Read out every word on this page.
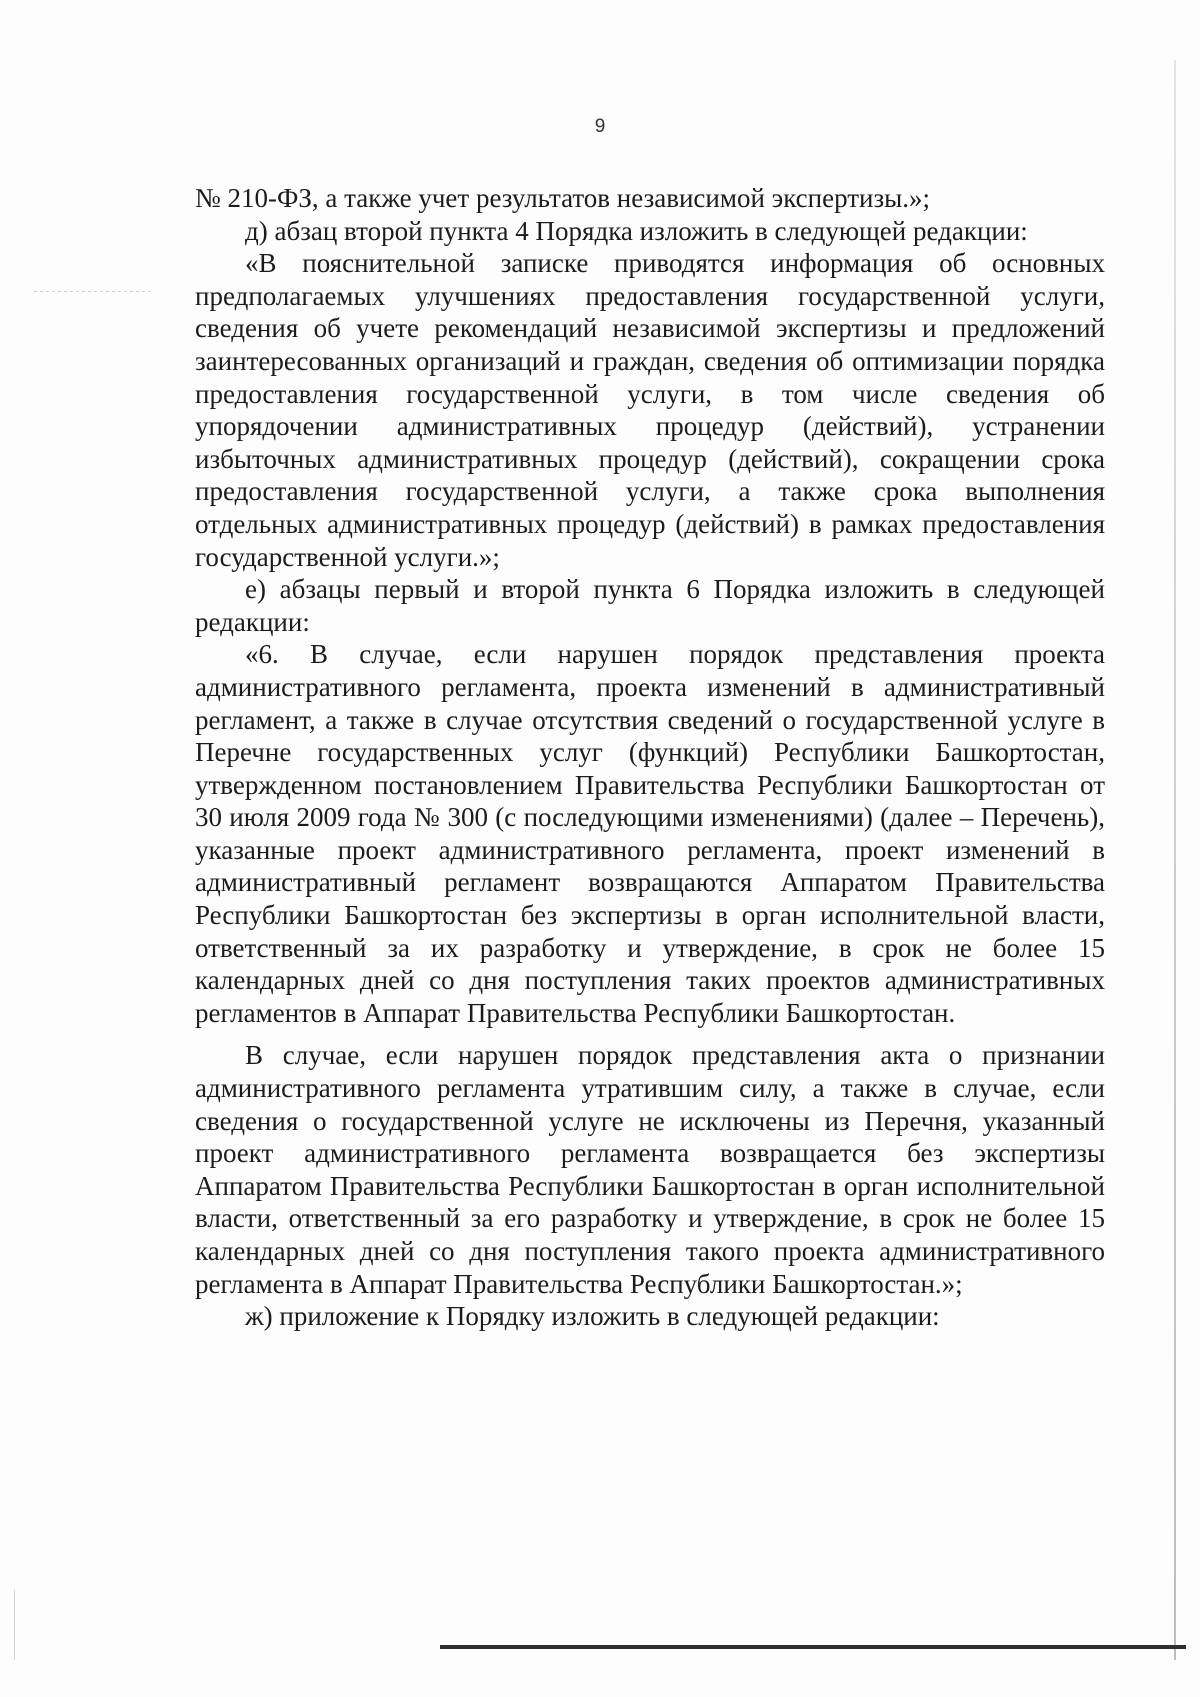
9

№ 210-ФЗ, а также учет результатов независимой экспертизы.»;

д) абзац второй пункта 4 Порядка изложить в следующей редакции:

«В пояснительной записке приводятся информация об основных предполагаемых улучшениях предоставления государственной услуги, сведения об учете рекомендаций независимой экспертизы и предложений заинтересованных организаций и граждан, сведения об оптимизации порядка предоставления государственной услуги, в том числе сведения об упорядочении административных процедур (действий), устранении избыточных административных процедур (действий), сокращении срока предоставления государственной услуги, а также срока выполнения отдельных административных процедур (действий) в рамках предоставления государственной услуги.»;

е) абзацы первый и второй пункта 6 Порядка изложить в следующей редакции:

«6. В случае, если нарушен порядок представления проекта административного регламента, проекта изменений в административный регламент, а также в случае отсутствия сведений о государственной услуге в Перечне государственных услуг (функций) Республики Башкортостан, утвержденном постановлением Правительства Республики Башкортостан от 30 июля 2009 года № 300 (с последующими изменениями) (далее – Перечень), указанные проект административного регламента, проект изменений в административный регламент возвращаются Аппаратом Правительства Республики Башкортостан без экспертизы в орган исполнительной власти, ответственный за их разработку и утверждение, в срок не более 15 календарных дней со дня поступления таких проектов административных регламентов в Аппарат Правительства Республики Башкортостан.

В случае, если нарушен порядок представления акта о признании административного регламента утратившим силу, а также в случае, если сведения о государственной услуге не исключены из Перечня, указанный проект административного регламента возвращается без экспертизы Аппаратом Правительства Республики Башкортостан в орган исполнительной власти, ответственный за его разработку и утверждение, в срок не более 15 календарных дней со дня поступления такого проекта административного регламента в Аппарат Правительства Республики Башкортостан.»;

ж) приложение к Порядку изложить в следующей редакции:
